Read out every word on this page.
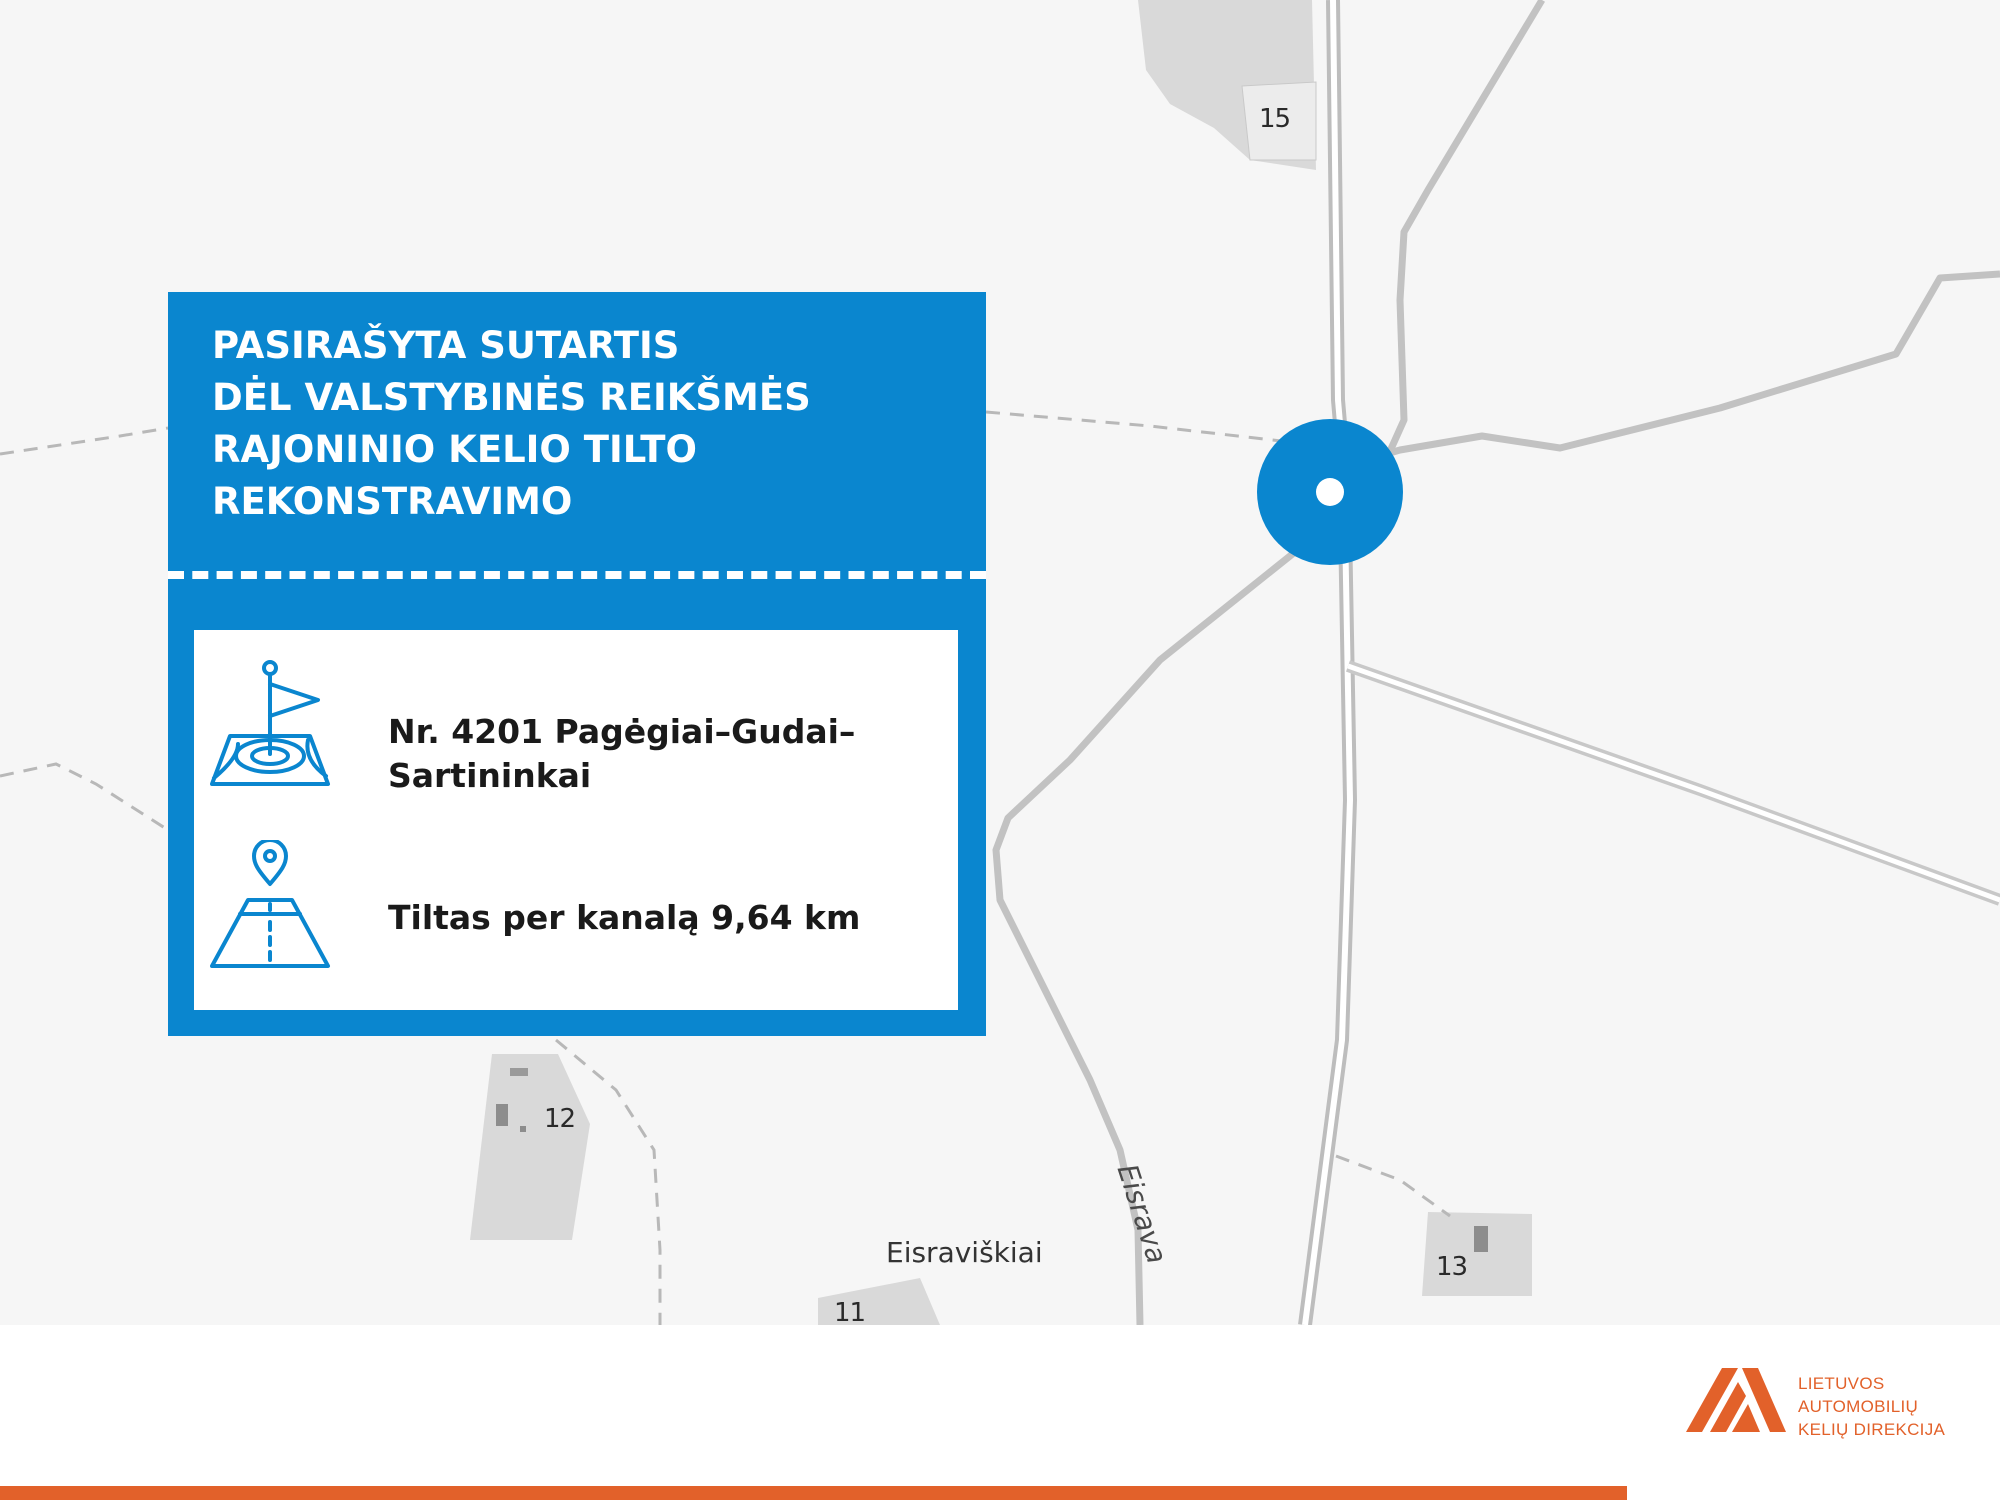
15
12
13
11
Eisraviškiai Eisrava
PASIRAŠYTA SUTARTIS
DĖL VALSTYBINĖS REIKŠMĖS
RAJONINIO KELIO TILTO
REKONSTRAVIMO
Nr. 4201 Pagėgiai–Gudai–
Sartininkai
Tiltas per kanalą 9,64 km
LIETUVOS
AUTOMOBILIŲ
KELIŲ DIREKCIJA
